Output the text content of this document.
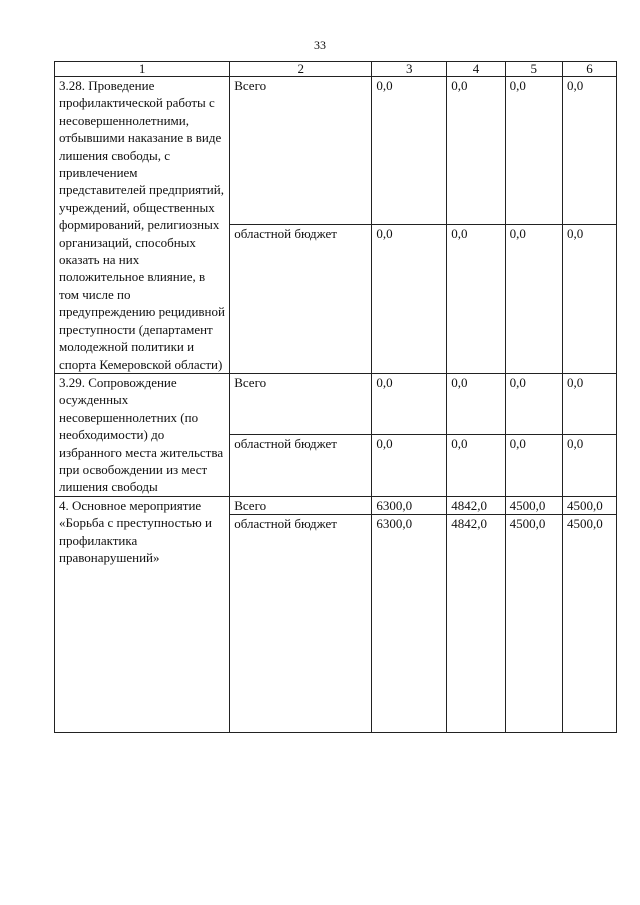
33
1	2	3	4	5	6
3.28. Проведение профилактической работы с несовершеннолетними, отбывшими наказание в виде лишения свободы, с привлечением представителей предприятий, учреждений, общественных формирований, религиозных организаций, способных оказать на них положительное влияние, в том числе по предупреждению рецидивной преступности (департамент молодежной политики и спорта Кемеровской области)	Всего	0,0	0,0	0,0	0,0
	областной бюджет	0,0	0,0	0,0	0,0
3.29. Сопровождение осужденных несовершеннолетних (по необходимости) до избранного места жительства при освобождении из мест лишения свободы	Всего	0,0	0,0	0,0	0,0
	областной бюджет	0,0	0,0	0,0	0,0
4. Основное мероприятие «Борьба с преступностью и профилактика правонарушений»	Всего	6300,0	4842,0	4500,0	4500,0
	областной бюджет	6300,0	4842,0	4500,0	4500,0
